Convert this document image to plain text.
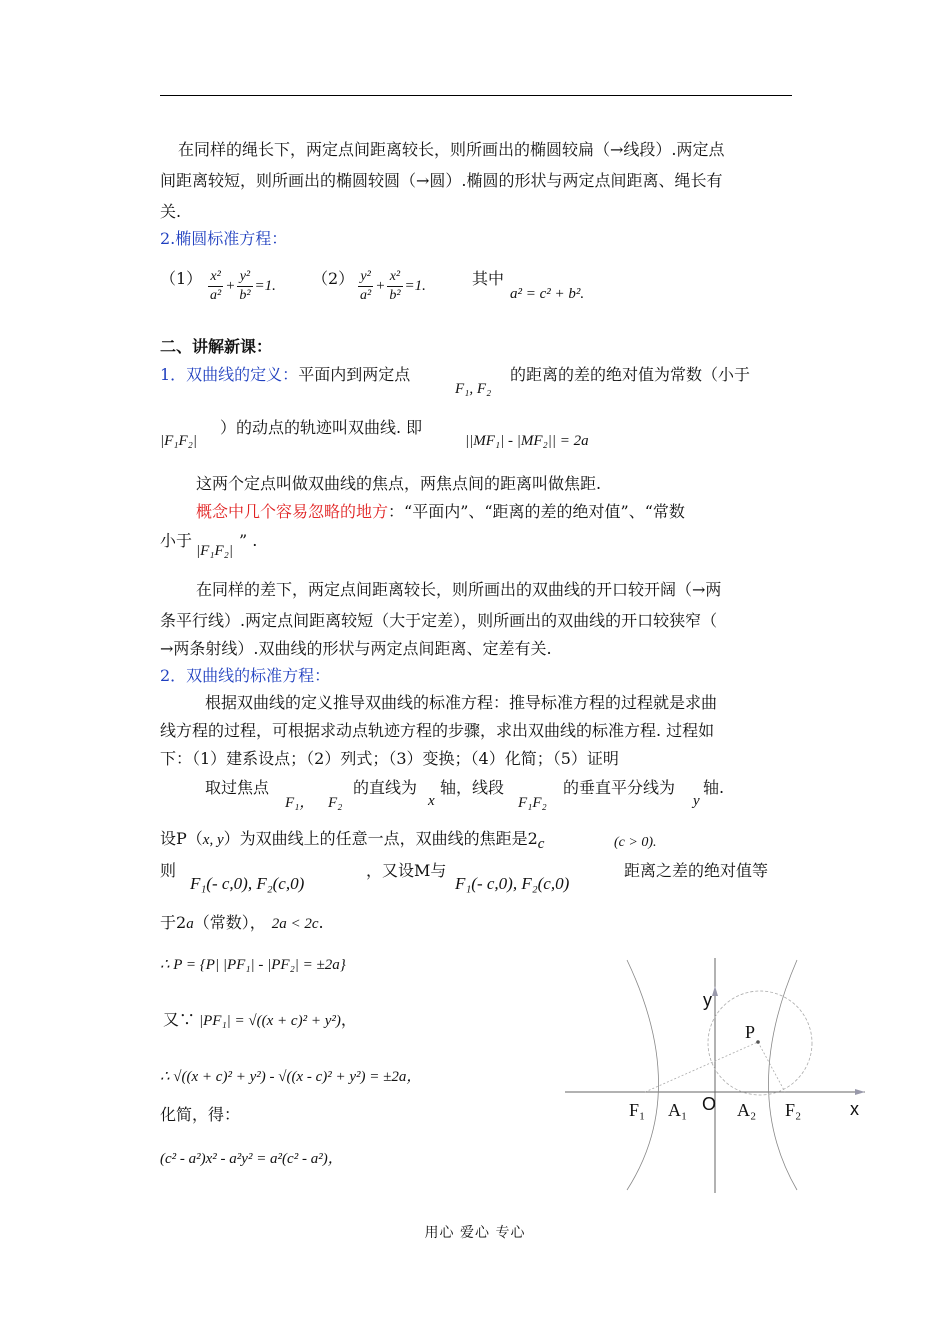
在同样的绳长下，两定点间距离较长，则所画出的椭圆较扁（→线段）.两定点
间距离较短，则所画出的椭圆较圆（→圆）.椭圆的形状与两定点间距离、绳长有
关.
2.椭圆标准方程：
$(1) \frac{\text{x²}}{\text{a²}} + \frac{\text{y²}}{\text{b²}} =1$. $(2) \frac{\text{y²}}{\text{a²}} + \frac{\text{x²}}{\text{b²}} =1$.	其中
a² = c² + b².
二、讲解新课：
1．双曲线的定义：平面内到两定点
F₁, F₂
的距离的差的绝对值为常数（小于
|F₁F₂|
）的动点的轨迹叫双曲线. 即
||MF₁| - |MF₂|| = 2a
这两个定点叫做双曲线的焦点，两焦点间的距离叫做焦距.
概念中几个容易忽略的地方：“平面内”、“距离的差的绝对值”、“常数
小于|F₁F₂|” .
在同样的差下，两定点间距离较长，则所画出的双曲线的开口较开阔（→两
条平行线）.两定点间距离较短（大于定差），则所画出的双曲线的开口较狭窄（
→两条射线）.双曲线的形状与两定点间距离、定差有关.
2．双曲线的标准方程：
根据双曲线的定义推导双曲线的标准方程：推导标准方程的过程就是求曲
线方程的过程，可根据求动点轨迹方程的步骤，求出双曲线的标准方程. 过程如
下：（1）建系设点；（2）列式；（3）变换；（4）化简；（5）证明
取过焦点
F₁， F₂
的直线为
x
轴，线段
F₁F₂
的垂直平分线为
y
轴.
设P（x, y）为双曲线上的任意一点，双曲线的焦距是2c	(c > 0).
则
F₁(- c,0), F₂(c,0)
，又设M与
F₁(- c,0), F₂(c,0)
距离之差的绝对值等
于2a（常数）， 2a < 2c.
∴ P = {P| |PF₁| - |PF₂| = ±2a}
又∵ |PF₁| = √((x + c)² + y²)，
∴ √((x + c)² + y²) - √((x - c)² + y²) = ±2a，
化简，得：
(c² - a²)x² - a²y² = a²(c² - a²)，
y
P
O
F₁ A₁	A₂ F₂	x
用心 爱心 专心
